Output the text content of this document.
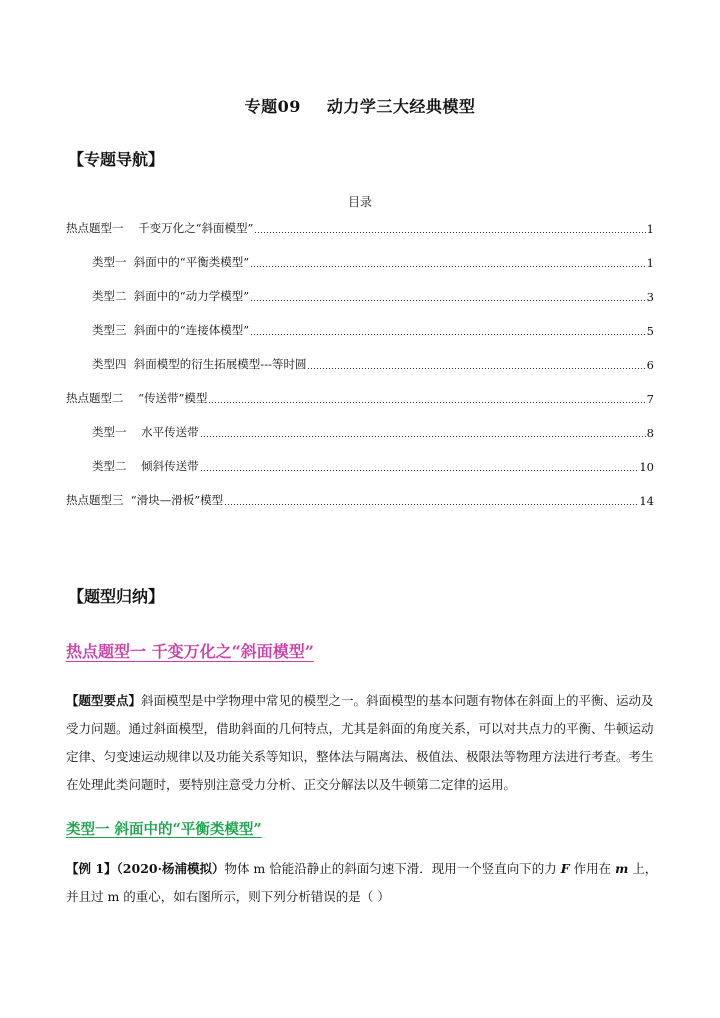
专题09 动力学三大经典模型
【专题导航】
目录
热点题型一    千变万化之“斜面模型”	1
类型一  斜面中的“平衡类模型”	1
类型二  斜面中的“动力学模型”	3
类型三  斜面中的“连接体模型”	5
类型四  斜面模型的衍生拓展模型---等时圆	6
热点题型二    “传送带”模型	7
类型一    水平传送带	8
类型二    倾斜传送带	10
热点题型三  “滑块—滑板”模型	14
【题型归纳】
热点题型一 千变万化之“斜面模型”
【题型要点】斜面模型是中学物理中常见的模型之一。斜面模型的基本问题有物体在斜面上的平衡、运动及受力问题。通过斜面模型，借助斜面的几何特点，尤其是斜面的角度关系，可以对共点力的平衡、牛顿运动定律、匀变速运动规律以及功能关系等知识，整体法与隔离法、极值法、极限法等物理方法进行考查。考生在处理此类问题时，要特别注意受力分析、正交分解法以及牛顿第二定律的运用。
类型一 斜面中的“平衡类模型”
【例 1】（2020·杨浦模拟）物体 m 恰能沿静止的斜面匀速下滑．现用一个竖直向下的力 F 作用在 m 上，并且过 m 的重心，如右图所示，则下列分析错误的是（ ）
